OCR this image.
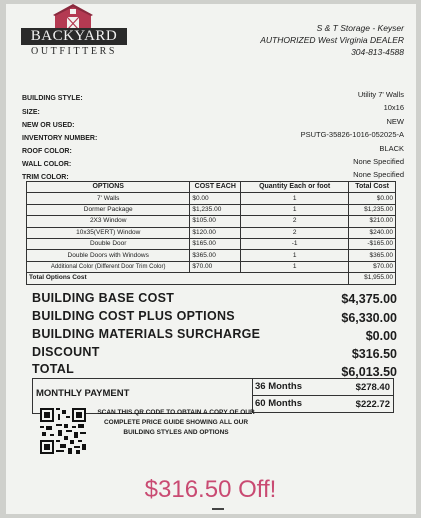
BACKYARD
OUTFITTERS
S & T Storage - Keyser
AUTHORIZED West Virginia DEALER
304-813-4588
BUILDING STYLE:	Utility 7' Walls
SIZE:
10x16
NEW OR USED:	NEW
INVENTORY NUMBER:	PSUTG-35826-1016-052025-A
ROOF COLOR:	BLACK
WALL COLOR:	None Specified
TRIM COLOR:	None Specified
OPTIONS	COST EACH	Quantity Each or foot	Total Cost
7' Walls	$0.00	1	$0.00
Dormer Package	$1,235.00	1	$1,235.00
2X3 Window	$105.00	2	$210.00
10x35(VERT) Window	$120.00	2	$240.00
Double Door	$165.00	-1	-$165.00
Double Doors with Windows	$365.00	1	$365.00
Additional Color (Different Door Trim Color)	$70.00	1	$70.00
Total Options Cost			$1,955.00
BUILDING BASE COST	$4,375.00
BUILDING COST PLUS OPTIONS	$6,330.00
BUILDING MATERIALS SURCHARGE	$0.00
DISCOUNT	$316.50
TOTAL	$6,013.50
MONTHLY PAYMENT
36 Months	$278.40
60 Months	$222.72
SCAN THIS QR CODE TO OBTAIN A COPY OF OUR COMPLETE PRICE GUIDE SHOWING ALL OUR BUILDING STYLES AND OPTIONS
$316.50 Off!
